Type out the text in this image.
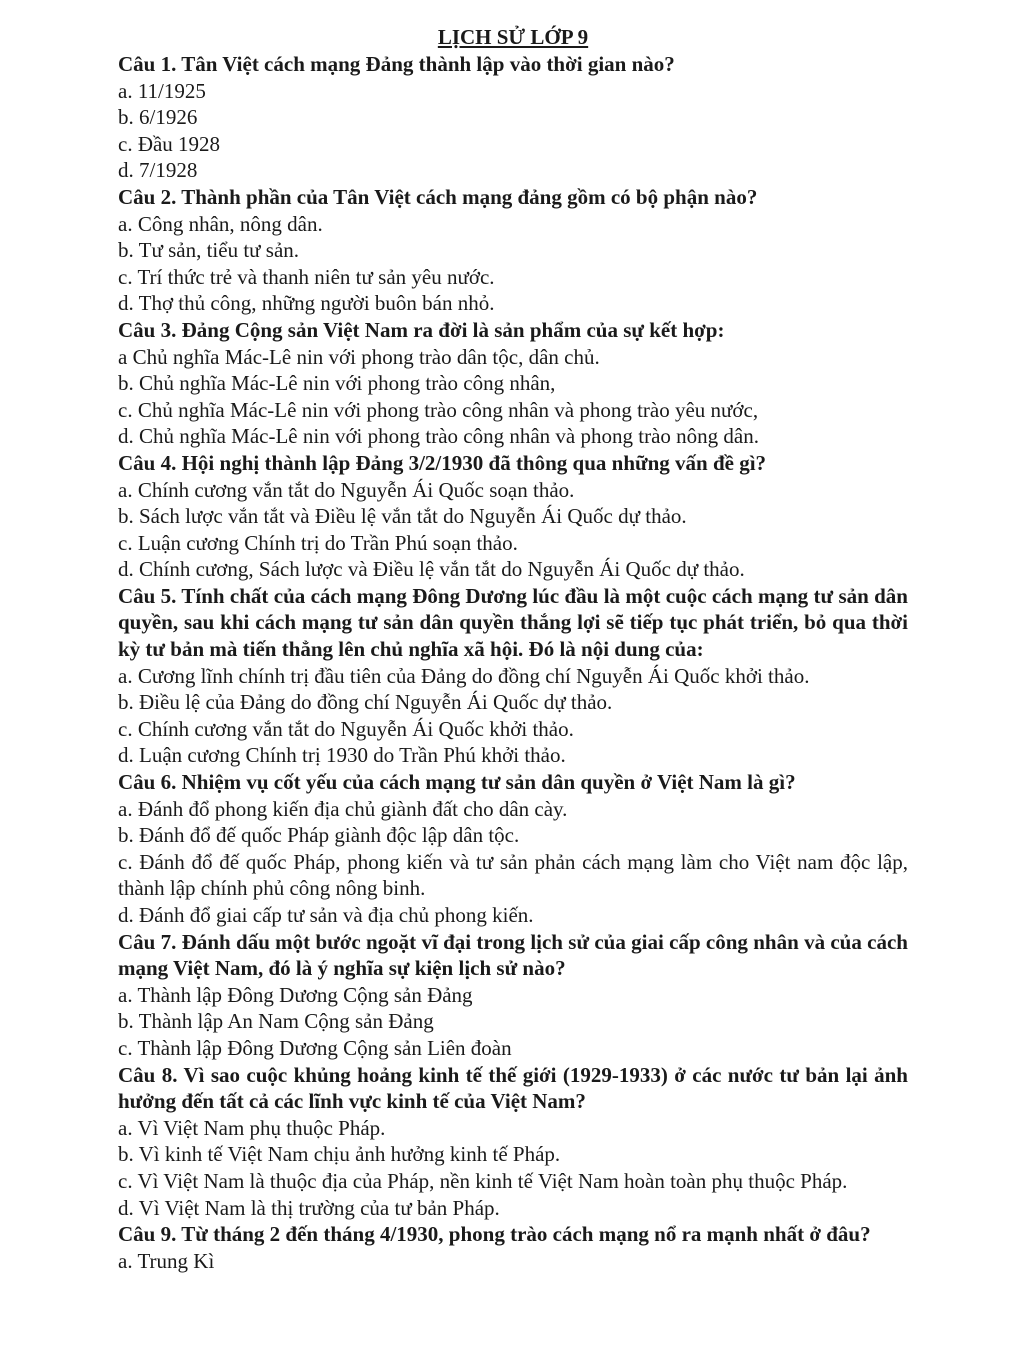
LỊCH SỬ LỚP 9

Câu 1. Tân Việt cách mạng Đảng thành lập vào thời gian nào?

a. 11/1925

b. 6/1926

c. Đầu 1928

d. 7/1928

Câu 2. Thành phần của Tân Việt cách mạng đảng gồm có bộ phận nào?

a. Công nhân, nông dân.

b. Tư sản, tiểu tư sản.

c. Trí thức trẻ và thanh niên tư sản yêu nước.

d. Thợ thủ công, những người buôn bán nhỏ.

Câu 3. Đảng Cộng sản Việt Nam ra đời là sản phẩm của sự kết hợp:

a Chủ nghĩa Mác-Lê nin với phong trào dân tộc, dân chủ.

b. Chủ nghĩa Mác-Lê nin với phong trào công nhân,

c. Chủ nghĩa Mác-Lê nin với phong trào công nhân và phong trào yêu nước,

d. Chủ nghĩa Mác-Lê nin với phong trào công nhân và phong trào nông dân.

Câu 4. Hội nghị thành lập Đảng 3/2/1930 đã thông qua những vấn đề gì?

a. Chính cương vắn tắt do Nguyễn Ái Quốc soạn thảo.

b. Sách lược vắn tắt và Điều lệ vắn tắt do Nguyễn Ái Quốc dự thảo.

c. Luận cương Chính trị do Trần Phú soạn thảo.

d. Chính cương, Sách lược và Điều lệ vắn tắt do Nguyễn Ái Quốc dự thảo.

Câu 5. Tính chất của cách mạng Đông Dương lúc đầu là một cuộc cách mạng tư sản dân quyền, sau khi cách mạng tư sản dân quyền thắng lợi sẽ tiếp tục phát triển, bỏ qua thời kỳ tư bản mà tiến thẳng lên chủ nghĩa xã hội. Đó là nội dung của:

a. Cương lĩnh chính trị đầu tiên của Đảng do đồng chí Nguyễn Ái Quốc khởi thảo.

b. Điều lệ của Đảng do đồng chí Nguyễn Ái Quốc dự thảo.

c. Chính cương vắn tắt do Nguyễn Ái Quốc khởi thảo.

d. Luận cương Chính trị 1930 do Trần Phú khởi thảo.

Câu 6. Nhiệm vụ cốt yếu của cách mạng tư sản dân quyền ở Việt Nam là gì?

a. Đánh đổ phong kiến địa chủ giành đất cho dân cày.

b. Đánh đổ đế quốc Pháp giành độc lập dân tộc.

c. Đánh đổ đế quốc Pháp, phong kiến và tư sản phản cách mạng làm cho Việt nam độc lập, thành lập chính phủ công nông binh.

d. Đánh đổ giai cấp tư sản và địa chủ phong kiến.

Câu 7. Đánh dấu một bước ngoặt vĩ đại trong lịch sử của giai cấp công nhân và của cách mạng Việt Nam, đó là ý nghĩa sự kiện lịch sử nào?

a. Thành lập Đông Dương Cộng sản Đảng

b. Thành lập An Nam Cộng sản Đảng

c. Thành lập Đông Dương Cộng sản Liên đoàn

Câu 8. Vì sao cuộc khủng hoảng kinh tế thế giới (1929-1933) ở các nước tư bản lại ảnh hưởng đến tất cả các lĩnh vực kinh tế của Việt Nam?

a. Vì Việt Nam phụ thuộc Pháp.

b. Vì kinh tế Việt Nam chịu ảnh hưởng kinh tế Pháp.

c. Vì Việt Nam là thuộc địa của Pháp, nền kinh tế Việt Nam hoàn toàn phụ thuộc Pháp.

d. Vì Việt Nam là thị trường của tư bản Pháp.

Câu 9. Từ tháng 2 đến tháng 4/1930, phong trào cách mạng nổ ra mạnh nhất ở đâu?

a. Trung Kì
